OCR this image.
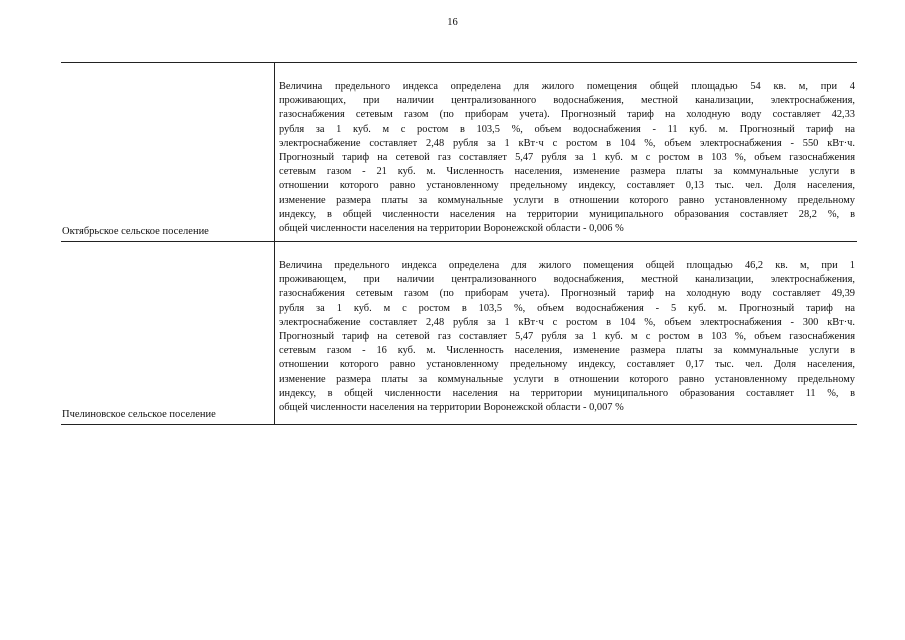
16
Октябрьское сельское поселение
Величина предельного индекса определена для жилого помещения общей площадью 54 кв. м, при 4
проживающих, при наличии централизованного водоснабжения, местной канализации, электроснабжения,
газоснабжения сетевым газом (по приборам учета). Прогнозный тариф на холодную воду составляет 42,33
рубля за 1 куб. м с ростом в 103,5 %, объем водоснабжения - 11 куб. м. Прогнозный тариф на
электроснабжение составляет 2,48 рубля за 1 кВт·ч с ростом в 104 %, объем электроснабжения - 550 кВт·ч.
Прогнозный тариф на сетевой газ составляет 5,47 рубля за 1 куб. м с ростом в 103 %, объем газоснабжения
сетевым газом - 21 куб. м. Численность населения, изменение размера платы за коммунальные услуги в
отношении которого равно установленному предельному индексу, составляет 0,13 тыс. чел. Доля населения,
изменение размера платы за коммунальные услуги в отношении которого равно установленному предельному
индексу, в общей численности населения на территории муниципального образования составляет 28,2 %, в
общей численности населения на территории Воронежской области - 0,006 %
Пчелиновское сельское поселение
Величина предельного индекса определена для жилого помещения общей площадью 46,2 кв. м, при 1
проживающем, при наличии централизованного водоснабжения, местной канализации, электроснабжения,
газоснабжения сетевым газом (по приборам учета). Прогнозный тариф на холодную воду составляет 49,39
рубля за 1 куб. м с ростом в 103,5 %, объем водоснабжения - 5 куб. м. Прогнозный тариф на
электроснабжение составляет 2,48 рубля за 1 кВт·ч с ростом в 104 %, объем электроснабжения - 300 кВт·ч.
Прогнозный тариф на сетевой газ составляет 5,47 рубля за 1 куб. м с ростом в 103 %, объем газоснабжения
сетевым газом - 16 куб. м. Численность населения, изменение размера платы за коммунальные услуги в
отношении которого равно установленному предельному индексу, составляет 0,17 тыс. чел. Доля населения,
изменение размера платы за коммунальные услуги в отношении которого равно установленному предельному
индексу, в общей численности населения на территории муниципального образования составляет 11 %, в
общей численности населения на территории Воронежской области - 0,007 %
